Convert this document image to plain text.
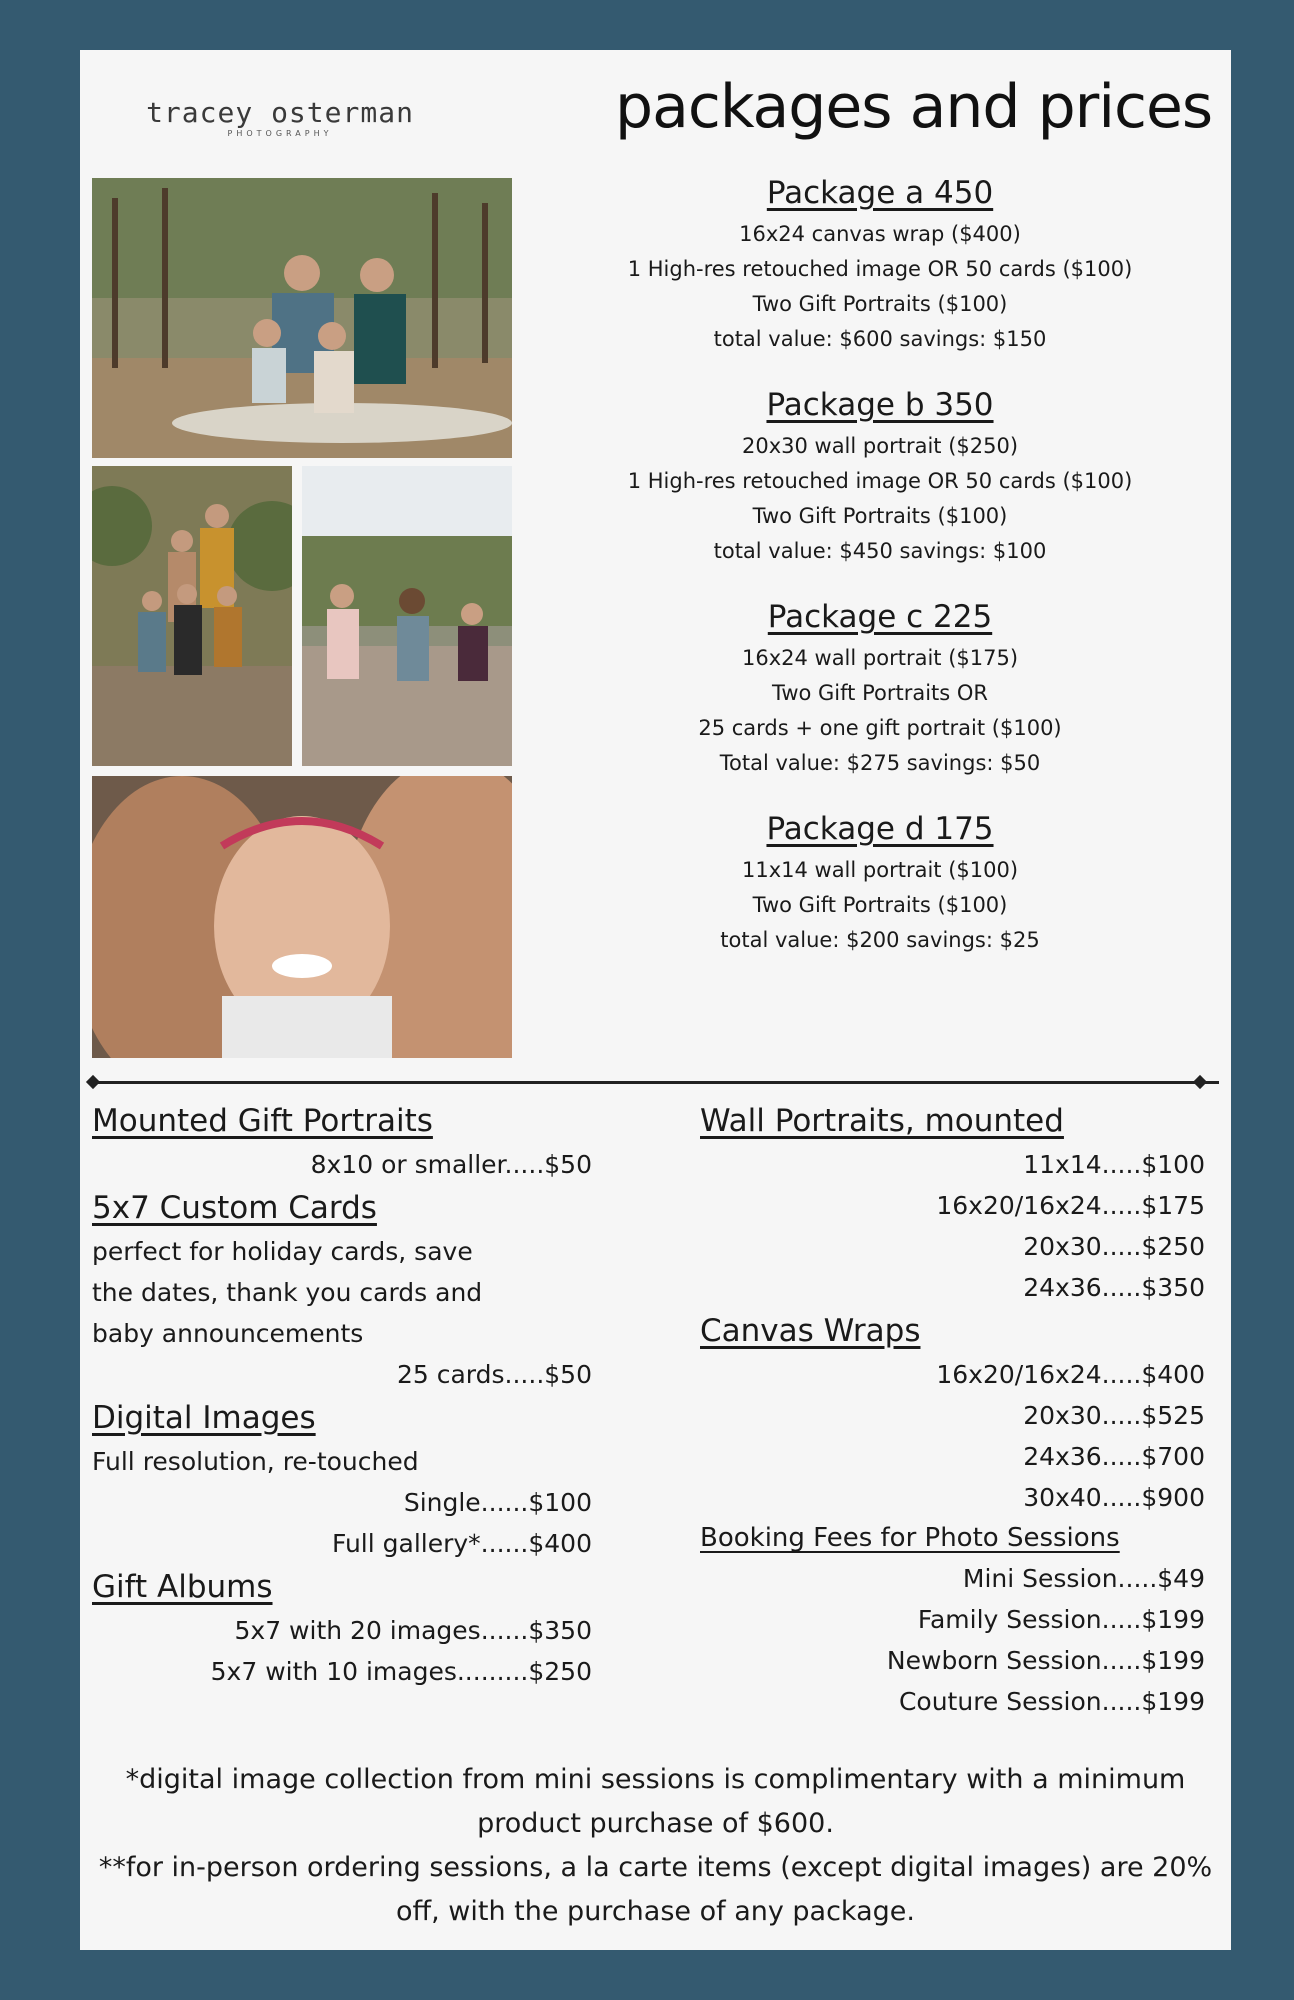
tracey osterman
PHOTOGRAPHY	packages and prices
Package a 450
16x24 canvas wrap ($400)
1 High-res retouched image OR 50 cards ($100)
Two Gift Portraits ($100)
total value: $600 savings: $150
Package b 350
20x30 wall portrait ($250)
1 High-res retouched image OR 50 cards ($100)
Two Gift Portraits ($100)
total value: $450 savings: $100
Package c 225
16x24 wall portrait ($175)
Two Gift Portraits OR
25 cards + one gift portrait ($100)
Total value: $275 savings: $50
Package d 175
11x14 wall portrait ($100)
Two Gift Portraits ($100)
total value: $200 savings: $25
Mounted Gift Portraits
8x10 or smaller.....$50
5x7 Custom Cards
perfect for holiday cards, save
the dates, thank you cards and
baby announcements
25 cards.....$50
Digital Images
Full resolution, re-touched
Single......$100
Full gallery*......$400
Gift Albums
5x7 with 20 images......$350
5x7 with 10 images.........$250
Wall Portraits, mounted
11x14.....$100
16x20/16x24.....$175
20x30.....$250
24x36.....$350
Canvas Wraps
16x20/16x24.....$400
20x30.....$525
24x36.....$700
30x40.....$900
Booking Fees for Photo Sessions
Mini Session.....$49
Family Session.....$199
Newborn Session.....$199
Couture Session.....$199
*digital image collection from mini sessions is complimentary with a minimum product purchase of $600.
**for in-person ordering sessions, a la carte items (except digital images) are 20% off, with the purchase of any package.
